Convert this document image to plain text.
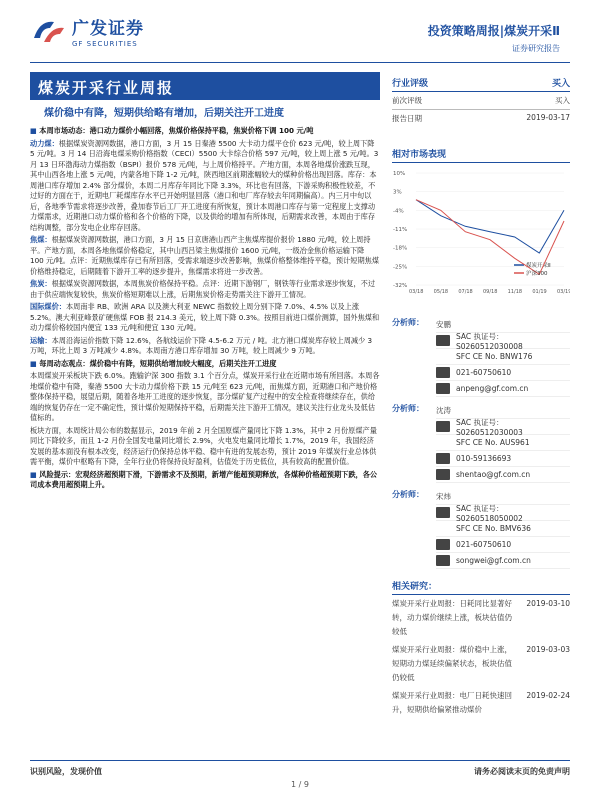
广发证券
GF SECURITIES
投资策略周报|煤炭开采Ⅱ
证券研究报告
煤炭开采行业周报
煤价稳中有降，短期供给略有增加，后期关注开工进度
■ 本周市场动态：港口动力煤价小幅回落，焦煤价格保持平稳，焦炭价格下调 100 元/吨
动力煤：根据煤炭资源网数据，港口方面，3 月 15 日秦港 5500 大卡动力煤平仓价 623 元/吨，较上周下降 5 元/吨。3 月 14 日沿海电煤采购价格指数（CECI）5500 大卡综合价格 597 元/吨，较上周上涨 5 元/吨。3 月 13 日环渤海动力煤指数（BSPI）报价 578 元/吨，与上周价格持平。产地方面，本周各地煤价涨跌互现，其中山西各地上涨 5 元/吨，内蒙各地下降 1-2 元/吨，陕西地区前期涨幅较大的煤种价格出现回落。库存：本周港口库存增加 2.4% 部分煤价，本周二月库存年同比下降 3.3%，环比也有回落，下游采购积极性较差，不过好的方面在于，近期电厂耗煤库存水平已开始明显回落（港口和电厂库存较去年同期偏高）。内三月中旬以后，各地季节需求将逐步改善，叠加春节后工厂开工进度有所恢复，预计本周港口库存与第一定程度上支撑动力煤需求，近期港口动力煤价格和各个价格的下降，以及供给的增加有所体现，后期需求改善，本周由于库存结构调整，部分发电企业库存回落。
焦煤：根据煤炭资源网数据，港口方面，3 月 15 日京唐港山西产主焦煤库提价报价 1880 元/吨，较上周持平。产地方面，本周各地焦煤价格稳定，其中山西吕梁主焦煤报价 1600 元/吨，一级冶金焦价格运输下降 100 元/吨。点评：近期焦煤库存已有所回落，受需求端逐步改善影响，焦煤价格整体维持平稳，预计短期焦煤价格维持稳定，后期随着下游开工率的逐步提升，焦煤需求将进一步改善。
焦炭：根据煤炭资源网数据，本周焦炭价格保持平稳。点评：近期下游钢厂，钢铁等行业需求逐步恢复，不过由于供应端恢复较快，焦炭价格短期难以上涨，后期焦炭价格走势需关注下游开工情况。
国际煤价：本周南非 RB、欧洲 ARA 以及澳大利亚 NEWC 指数较上周分别下降 7.0%、4.5% 以及上涨 5.2%。澳大利亚峰景矿硬焦煤 FOB 报 214.3 美元，较上周下降 0.3%。按照目前进口煤价测算，国外焦煤和动力煤价格较国内便宜 133 元/吨和便宜 130 元/吨。
运输：本周沿海运价指数下降 12.6%，各航线运价下降 4.5-6.2 万元 / 吨。北方港口煤炭库存较上周减少 3 万吨，环比上周 3 万吨减少 4.8%。本周南方港口库存增加 30 万吨，较上周减少 9 万吨。
■ 每周动态观点：煤价稳中有降，短期供给增加较大幅度，后期关注开工进度
本周煤炭开采板块下跌 6.0%。跑输沪深 300 指数 3.1 个百分点，煤炭开采行业在近期市场有所回落。本周各地煤价稳中有降，秦港 5500 大卡动力煤价格下跌 15 元/吨至 623 元/吨，而焦煤方面，近期港口和产地价格整体保持平稳，展望后期，随着各地开工进度的逐步恢复，部分煤矿复产过程中的安全检查将继续存在，供给端的恢复仍存在一定不确定性，预计煤价短期保持平稳，后期需关注下游开工情况，建议关注行业龙头及低估值标的。
板块方面，本周统计局公布的数据显示，2019 年前 2 月全国原煤产量同比下降 1.3%，其中 2 月份原煤产量同比下降较多，而且 1-2 月份全国发电量同比增长 2.9%，火电发电量同比增长 1.7%，2019 年，我国经济发展的基本面没有根本改变，经济运行仍保持总体平稳、稳中有进的发展态势，预计 2019 年煤炭行业总体供需平衡，煤价中枢略有下降，全年行业仍将保持良好盈利，估值处于历史低位，具有较高的配置价值。
■ 风险提示：宏观经济超预期下滑，下游需求不及预期，新增产能超预期释放，各煤种价格超预期下跌，各公司成本费用超预期上升。
行业评级	买入
前次评级	买入
报告日期	2019-03-17
相对市场表现
10%
3%
-4%
-11%
-18%
-25%
-32%
03/18 05/18 07/18 09/18 11/18 01/19 03/19
煤炭开采Ⅱ
沪深300
分析师：	安鹏
SAC 执证号：S0260512030008
SFC CE No. BNW176
021-60750610
anpeng@gf.com.cn
分析师：	沈涛
SAC 执证号：S0260512030003
SFC CE No. AUS961
010-59136693
shentao@gf.com.cn
分析师：	宋炜
SAC 执证号：S0260518050002
SFC CE No. BMV636
021-60750610
songwei@gf.com.cn
相关研究：
煤炭开采行业周报：日耗同比显著好转，动力煤价继续上涨，板块估值仍较低
2019-03-10
煤炭开采行业周报：煤价稳中上涨，短期动力煤延续偏紧状态，板块估值仍较低
2019-03-03
煤炭开采行业周报：电厂日耗快速回升，短期供给偏紧推动煤价
2019-02-24
识别风险，发现价值	请务必阅读末页的免责声明
1 / 9
